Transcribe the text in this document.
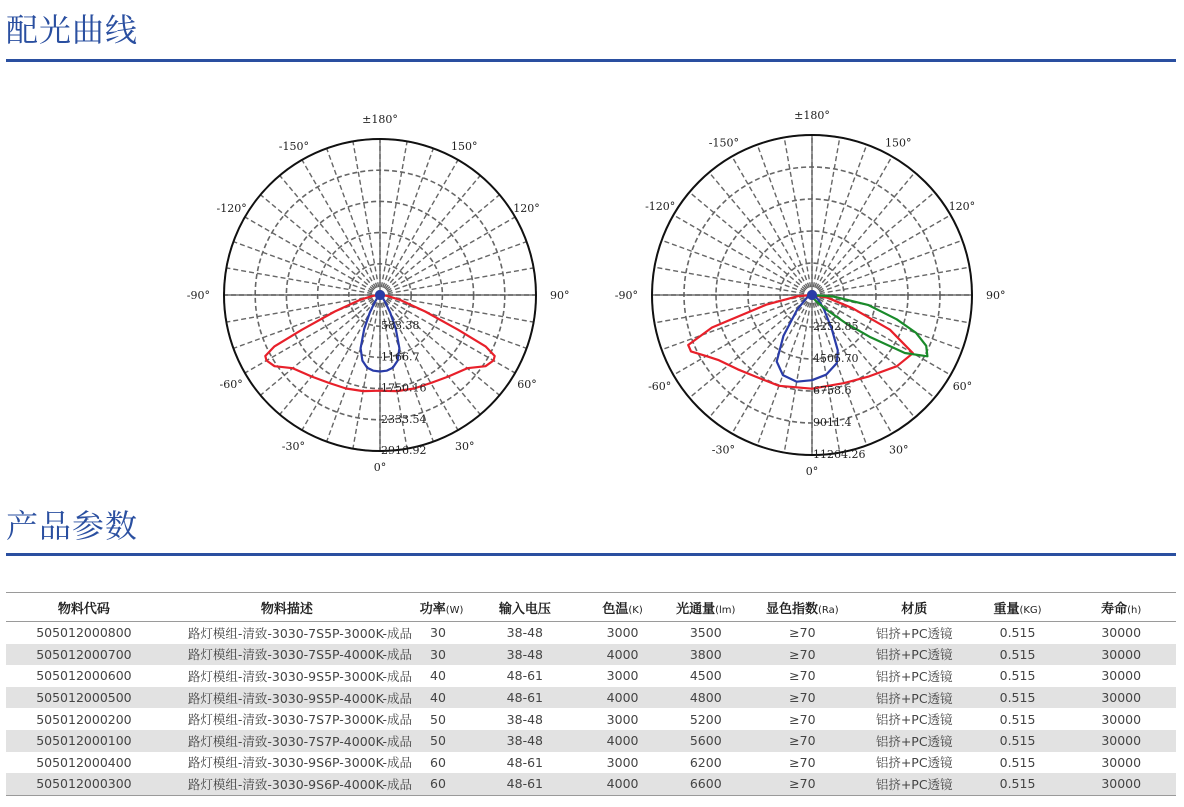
配光曲线
583.38
1166.7
1750.16
2333.54
2916.92
±180°
-150°	150°
-120°	120°
-90°	90°
-60°	60°
-30°	30°
0°
2252.85
4505.70
6758.6
9011.4
11264.26
±180°
-150°	150°
-120°	120°
-90°	90°
-60°	60°
-30°	30°
0°
产品参数
物料代码	物料描述	功率(W)	输入电压	色温(K)	光通量(lm)	显色指数(Ra)	材质	重量(KG)	寿命(h)
505012000800	路灯模组-清致-3030-7S5P-3000K-成品	30	38-48	3000	3500	≥70	铝挤+PC透镜	0.515	30000
505012000700	路灯模组-清致-3030-7S5P-4000K-成品	30	38-48	4000	3800	≥70	铝挤+PC透镜	0.515	30000
505012000600	路灯模组-清致-3030-9S5P-3000K-成品	40	48-61	3000	4500	≥70	铝挤+PC透镜	0.515	30000
505012000500	路灯模组-清致-3030-9S5P-4000K-成品	40	48-61	4000	4800	≥70	铝挤+PC透镜	0.515	30000
505012000200	路灯模组-清致-3030-7S7P-3000K-成品	50	38-48	3000	5200	≥70	铝挤+PC透镜	0.515	30000
505012000100	路灯模组-清致-3030-7S7P-4000K-成品	50	38-48	4000	5600	≥70	铝挤+PC透镜	0.515	30000
505012000400	路灯模组-清致-3030-9S6P-3000K-成品	60	48-61	3000	6200	≥70	铝挤+PC透镜	0.515	30000
505012000300	路灯模组-清致-3030-9S6P-4000K-成品	60	48-61	4000	6600	≥70	铝挤+PC透镜	0.515	30000
